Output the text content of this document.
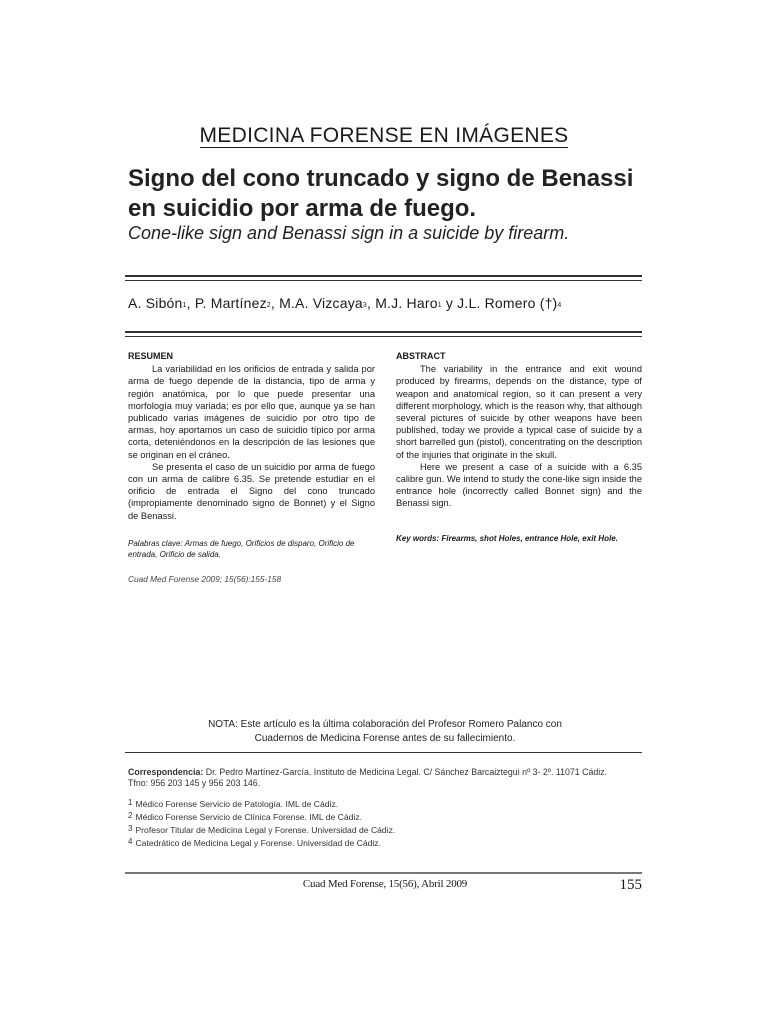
MEDICINA FORENSE EN IMÁGENES
Signo del cono truncado y signo de Benassi
en suicidio por arma de fuego.
Cone-like sign and Benassi sign in a suicide by firearm.
A. Sibón$^1$, P. Martínez$^2$, M.A. Vizcaya$^3$, M.J. Haro$^1$ y J.L. Romero (†)$^4$
RESUMEN

La variabilidad en los orificios de entrada y salida por arma de fuego depende de la distancia, tipo de arma y región anatómica, por lo que puede presentar una morfología muy variada; es por ello que, aunque ya se han publicado varias imágenes de suicidio por otro tipo de armas, hoy aportamos un caso de suicidio típico por arma corta, deteniéndonos en la descripción de las lesiones que se originan en el cráneo.

Se presenta el caso de un suicidio por arma de fuego con un arma de calibre 6.35. Se pretende estudiar en el orificio de entrada el Signo del cono truncado (impropiamente denominado signo de Bonnet) y el Signo de Benassi.

Palabras clave: Armas de fuego, Orificios de disparo, Orificio de entrada, Orificio de salida.

Cuad Med Forense 2009; 15(56):155-158

ABSTRACT

The variability in the entrance and exit wound produced by firearms, depends on the distance, type of weapon and anatomical region, so it can present a very different morphology, which is the reason why, that although several pictures of suicide by other weapons have been published, today we provide a typical case of suicide by a short barrelled gun (pistol), concentrating on the description of the injuries that originate in the skull.

Here we present a case of a suicide with a 6.35 calibre gun. We intend to study the cone-like sign inside the entrance hole (incorrectly called Bonnet sign) and the Benassi sign.

Key words: Firearms, shot Holes, entrance Hole, exit Hole.

NOTA: Este artículo es la última colaboración del Profesor Romero Palanco con
Cuadernos de Medicina Forense antes de su fallecimiento.
Correspondencia: Dr. Pedro Martínez-García. Instituto de Medicina Legal. C/ Sánchez Barcaiztegui nº 3- 2º. 11071 Cádiz.
Tfno: 956 203 145 y 956 203 146.
$^1$ Médico Forense Servicio de Patología. IML de Cádiz.
$^2$ Médico Forense Servicio de Clínica Forense. IML de Cádiz.
$^3$ Profesor Titular de Medicina Legal y Forense. Universidad de Cádiz.
$^4$ Catedrático de Medicina Legal y Forense. Universidad de Cádiz.
Cuad Med Forense, 15(56), Abril 2009	155
